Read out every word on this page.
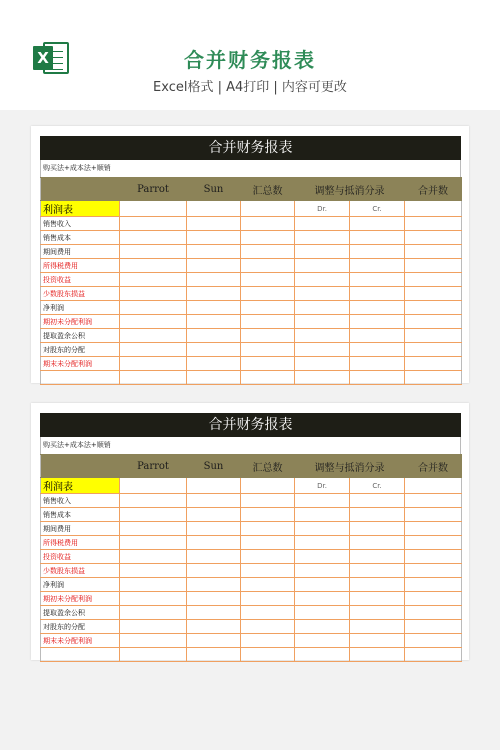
X	合并财务报表
Excel格式 | A4打印 | 内容可更改
合并财务报表
购买法+成本法+顺销
	Parrot	Sun	汇总数	调整与抵消分录		合并数
利润表				Dr.	Cr.	
销售收入						
销售成本						
期间费用						
所得税费用						
投资收益						
少数股东损益						
净利润						
期初未分配利润						
提取盈余公积						
对股东的分配						
期末未分配利润						

合并财务报表
购买法+成本法+顺销
	Parrot	Sun	汇总数	调整与抵消分录		合并数
利润表				Dr.	Cr.	
销售收入						
销售成本						
期间费用						
所得税费用						
投资收益						
少数股东损益						
净利润						
期初未分配利润						
提取盈余公积						
对股东的分配						
期末未分配利润						
